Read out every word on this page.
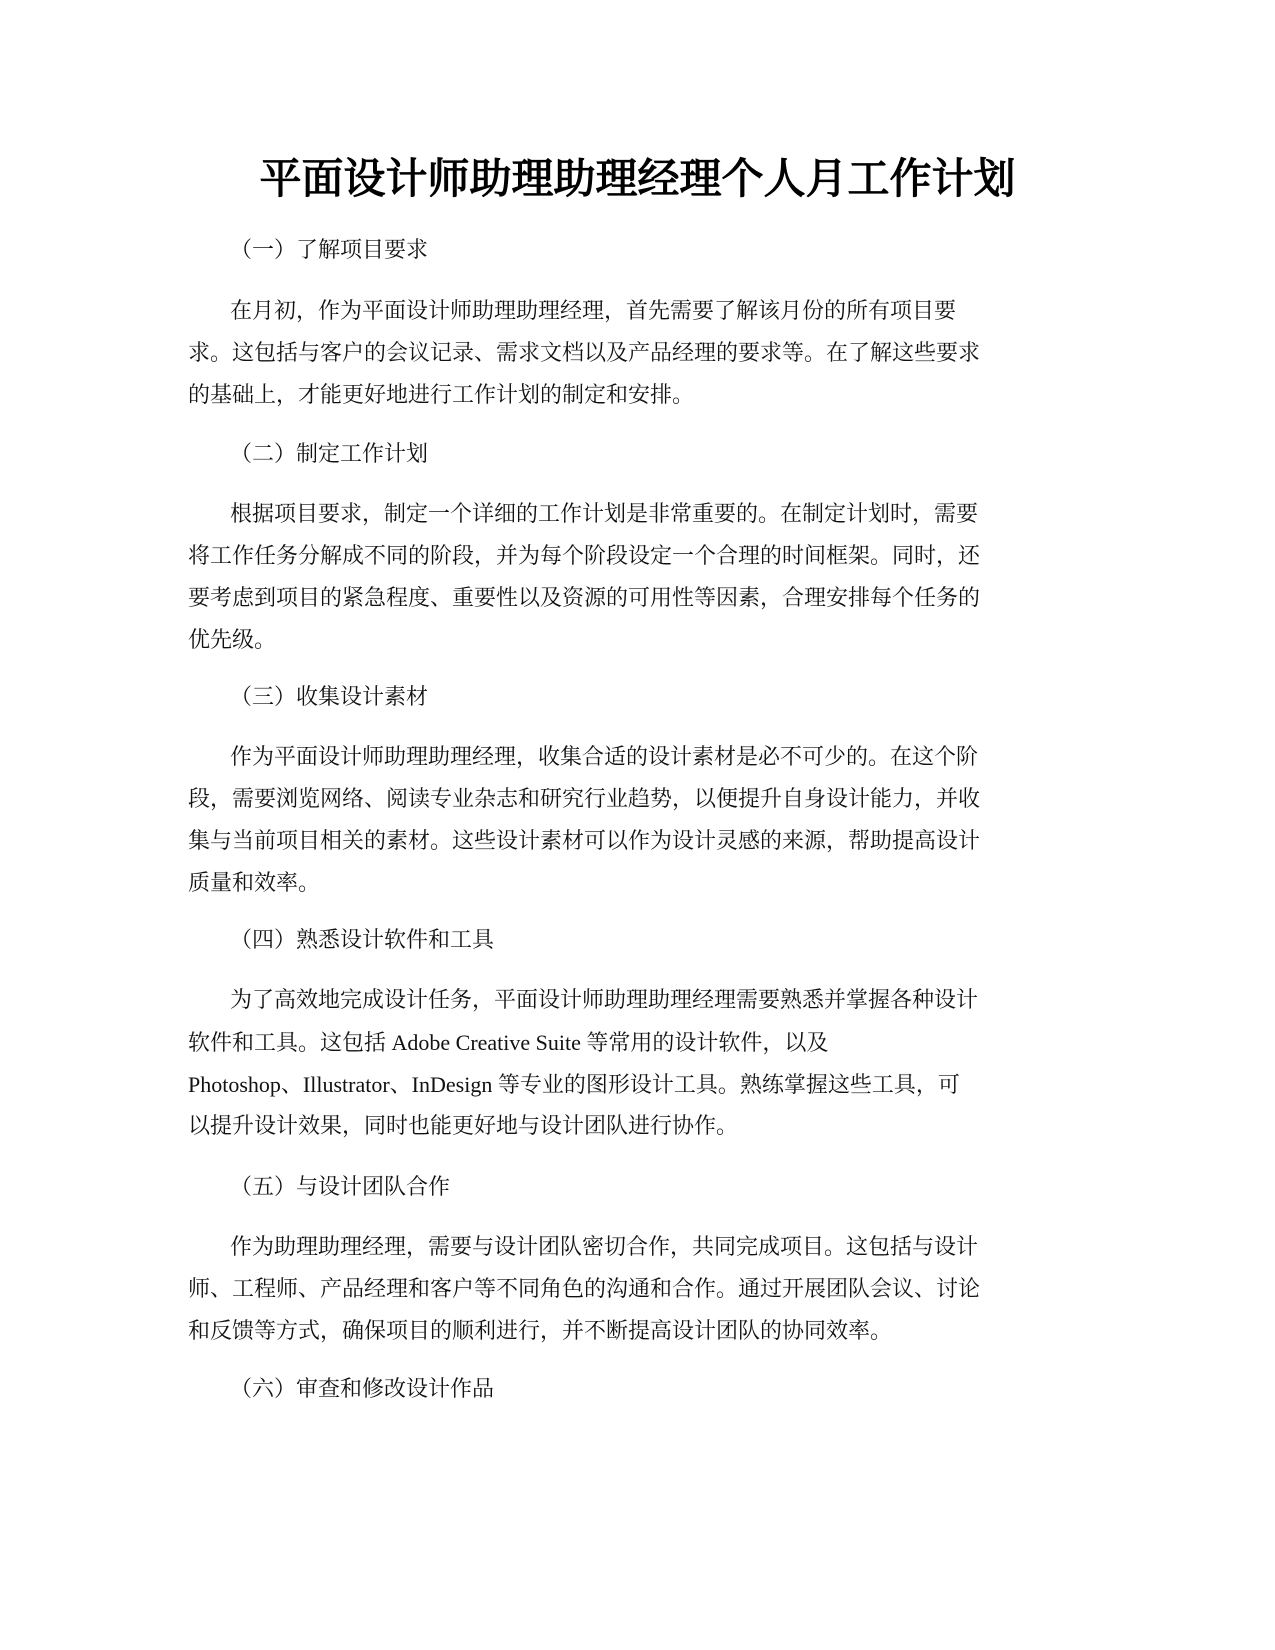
平面设计师助理助理经理个人月工作计划

（一）了解项目要求

在月初，作为平面设计师助理助理经理，首先需要了解该月份的所有项目要
求。这包括与客户的会议记录、需求文档以及产品经理的要求等。在了解这些要求
的基础上，才能更好地进行工作计划的制定和安排。

（二）制定工作计划

根据项目要求，制定一个详细的工作计划是非常重要的。在制定计划时，需要
将工作任务分解成不同的阶段，并为每个阶段设定一个合理的时间框架。同时，还
要考虑到项目的紧急程度、重要性以及资源的可用性等因素，合理安排每个任务的
优先级。

（三）收集设计素材

作为平面设计师助理助理经理，收集合适的设计素材是必不可少的。在这个阶
段，需要浏览网络、阅读专业杂志和研究行业趋势，以便提升自身设计能力，并收
集与当前项目相关的素材。这些设计素材可以作为设计灵感的来源，帮助提高设计
质量和效率。

（四）熟悉设计软件和工具

为了高效地完成设计任务，平面设计师助理助理经理需要熟悉并掌握各种设计
软件和工具。这包括 Adobe Creative Suite 等常用的设计软件，以及
Photoshop、Illustrator、InDesign 等专业的图形设计工具。熟练掌握这些工具，可
以提升设计效果，同时也能更好地与设计团队进行协作。

（五）与设计团队合作

作为助理助理经理，需要与设计团队密切合作，共同完成项目。这包括与设计
师、工程师、产品经理和客户等不同角色的沟通和合作。通过开展团队会议、讨论
和反馈等方式，确保项目的顺利进行，并不断提高设计团队的协同效率。

（六）审查和修改设计作品
